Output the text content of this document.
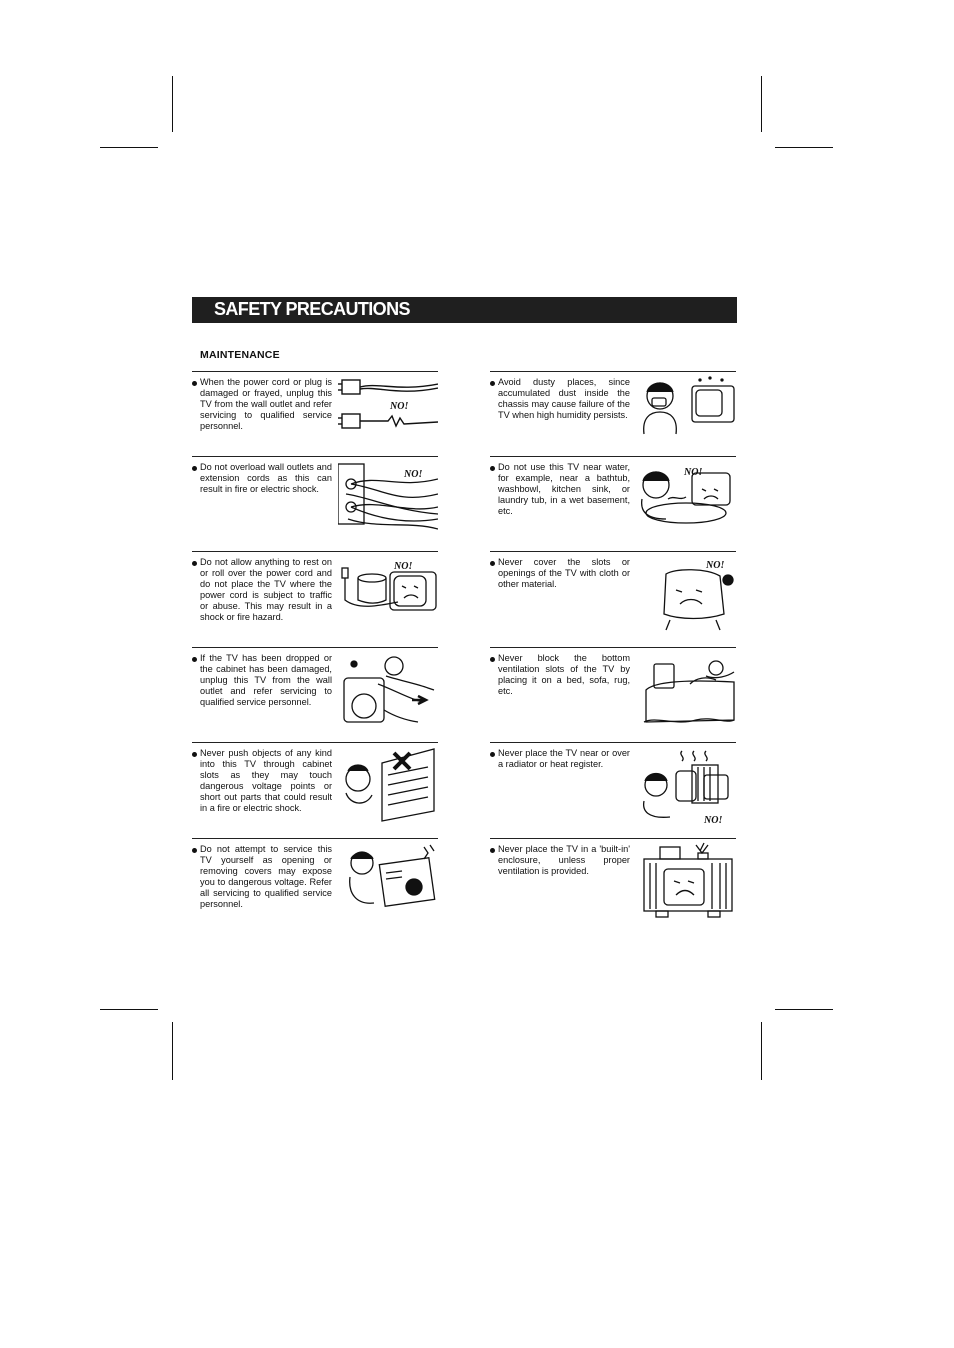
SAFETY PRECAUTIONS
MAINTENANCE
When the power cord or plug is damaged or frayed, unplug this TV from the wall outlet and refer servicing to qualified service personnel.
NO!
Do not overload wall outlets and extension cords as this can result in fire or electric shock.
NO!
Do not allow anything to rest on or roll over the power cord and do not place the TV where the power cord is subject to traffic or abuse. This may result in a shock or fire hazard.
NO!
If the TV has been dropped or the cabinet has been damaged, unplug this TV from the wall outlet and refer servicing to qualified service personnel.
Never push objects of any kind into this TV through cabinet slots as they may touch dangerous voltage points or short out parts that could result in a fire or electric shock.
Do not attempt to service this TV yourself as opening or removing covers may expose you to dangerous voltage. Refer all servicing to qualified service personnel.
Avoid dusty places, since accumulated dust inside the chassis may cause failure of the TV when high humidity persists.
Do not use this TV near water, for example, near a bathtub, washbowl, kitchen sink, or laundry tub, in a wet basement, etc.
NO!
Never cover the slots or openings of the TV with cloth or other material.
NO!
Never block the bottom ventilation slots of the TV by placing it on a bed, sofa, rug, etc.
Never place the TV near or over a radiator or heat register.
NO!
Never place the TV in a 'built-in' enclosure, unless proper ventilation is provided.
